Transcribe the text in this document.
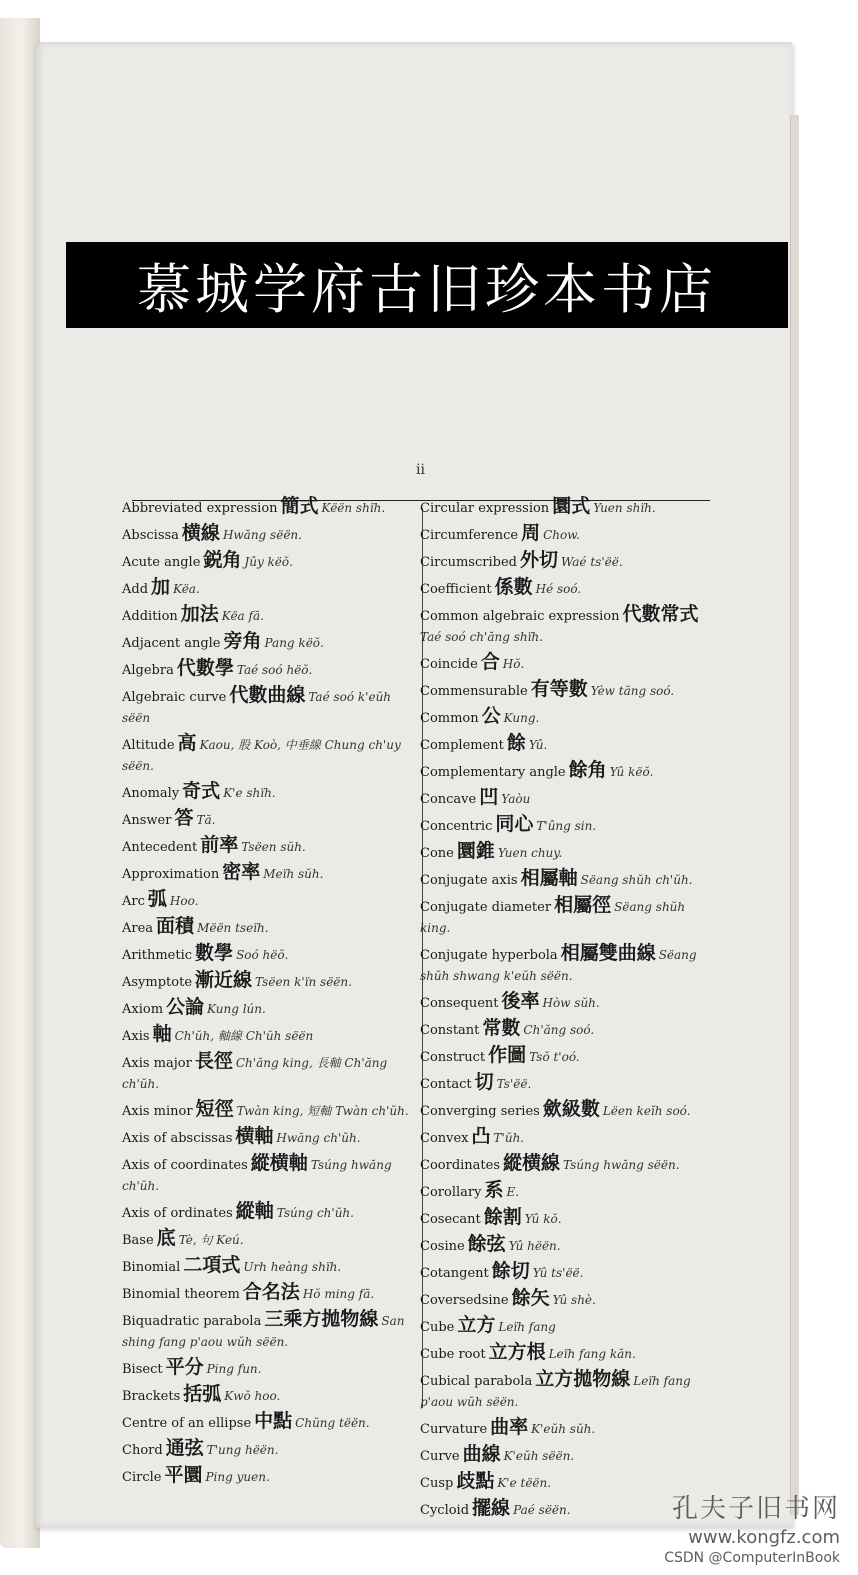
慕城学府古旧珍本书店
ii

Abbreviated expression 簡式 Këën shïh.

Abscissa 横線 Hwăng sëën.

Acute angle 鋭角 Jûy këŏ.

Add 加 Këa.

Addition 加法 Këa fă.

Adjacent angle 旁角 Pang këŏ.

Algebra 代數學 Taé soó hëŏ.

Algebraic curve 代數曲線 Taé soó k'eŭh sëën

Altitude 高 Kaou, 股 Koò, 中垂線 Chung ch'uy sëën.

Anomaly 奇式 K'e shïh.

Answer 答 Tă.

Antecedent 前率 Tsëen sŭh.

Approximation 密率 Meïh sŭh.

Arc 弧 Hoo.

Area 面積 Mëën tseïh.

Arithmetic 數學 Soó hëŏ.

Asymptote 漸近線 Tsëen k'ïn sëën.

Axiom 公論 Kung lún.

Axis 軸 Ch'ŭh, 軸線 Ch'ŭh sëën

Axis major 長徑 Ch'ăng king, 長軸 Ch'ăng ch'ŭh.

Axis minor 短徑 Twàn king, 短軸 Twàn ch'ŭh.

Axis of abscissas 横軸 Hwăng ch'ŭh.

Axis of coordinates 縱横軸 Tsúng hwăng ch'ŭh.

Axis of ordinates 縱軸 Tsúng ch'ŭh.

Base 底 Tè, 句 Keú.

Binomial 二項式 Urh heàng shïh.

Binomial theorem 合名法 Hŏ ming fă.

Biquadratic parabola 三乘方拋物線 San shing fang p'aou wŭh sëën.

Bisect 平分 Ping fun.

Brackets 括弧 Kwŏ hoo.

Centre of an ellipse 中點 Chŭng tëën.

Chord 通弦 T'ung hëën.

Circle 平圜 Ping yuen.

Circular expression 圜式 Yuen shïh.

Circumference 周 Chow.

Circumscribed 外切 Waé ts'ëë.

Coefficient 係數 Hé soó.

Common algebraic expression 代數常式Taé soó ch'ăng shïh.

Coincide 合 Hŏ.

Commensurable 有等數 Yèw tăng soó.

Common 公 Kung.

Complement 餘 Yû.

Complementary angle 餘角 Yû këŏ.

Concave 凹 Yaòu

Concentric 同心 T'ûng sin.

Cone 圜錐 Yuen chuy.

Conjugate axis 相屬軸 Sëang shŭh ch'ŭh.

Conjugate diameter 相屬徑 Sëang shŭh king.

Conjugate hyperbola 相屬雙曲線 Sëang shŭh shwang k'eŭh sëën.

Consequent 後率 Hòw sŭh.

Constant 常數 Ch'ăng soó.

Construct 作圖 Tsŏ t'oó.

Contact 切 Ts'ëë.

Converging series 歛級數 Lëen keĭh soó.

Convex 凸 T'ŭh.

Coordinates 縱横線 Tsúng hwăng sëën.

Corollary 系 E.

Cosecant 餘割 Yû kŏ.

Cosine 餘弦 Yû hëën.

Cotangent 餘切 Yû ts'ëë.

Coversedsine 餘矢 Yû shè.

Cube 立方 Leïh fang

Cube root 立方根 Leïh fang kăn.

Cubical parabola 立方拋物線 Leïh fang p'aou wŭh sëën.

Curvature 曲率 K'eŭh sŭh.

Curve 曲線 K'eŭh sëën.

Cusp 歧點 K'e tëën.

Cycloid 擺線 Paé sëën.	孔夫子旧书网
www.kongfz.com
CSDN @ComputerInBook
